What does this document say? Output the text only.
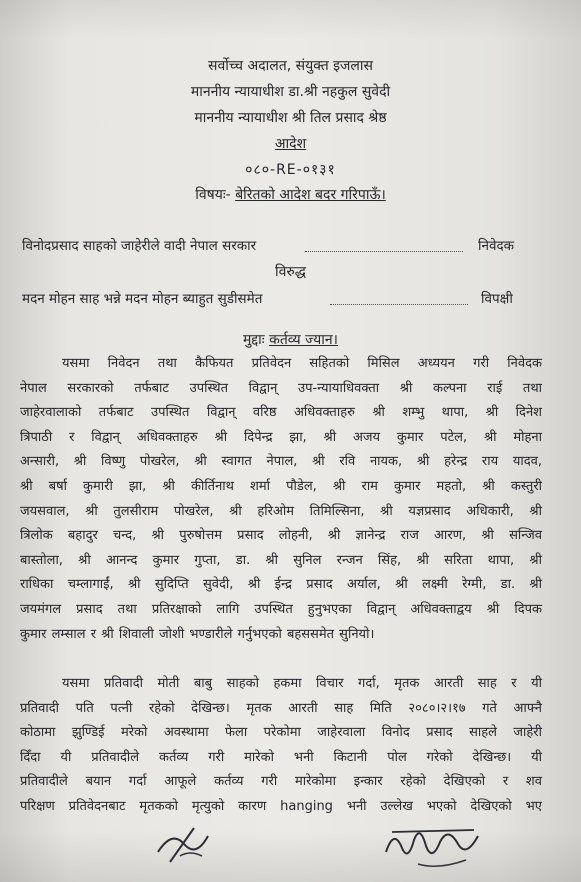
सर्वोच्च अदालत, संयुक्त इजलास
माननीय न्यायाधीश डा.श्री नहकुल सुवेदी
माननीय न्यायाधीश श्री तिल प्रसाद श्रेष्ठ
आदेश
०८०-RE-०१३१
विषयः- बेरितको आदेश बदर गरिपाऊँ।
विनोदप्रसाद साहको जाहेरीले वादी नेपाल सरकार	निवेदक
विरुद्ध
मदन मोहन साह भन्ने मदन मोहन ब्याहुत सुडीसमेत	विपक्षी
मुद्दाः कर्तव्य ज्यान।
यसमा निवेदन तथा कैफियत प्रतिवेदन सहितको मिसिल अध्ययन गरी निवेदक
नेपाल सरकारको तर्फबाट उपस्थित विद्वान् उप-न्यायाधिवक्ता श्री कल्पना राई तथा
जाहेरवालाको तर्फबाट उपस्थित विद्वान् वरिष्ठ अधिवक्ताहरु श्री शम्भु थापा, श्री दिनेश
त्रिपाठी र विद्वान् अधिवक्ताहरु श्री दिपेन्द्र झा, श्री अजय कुमार पटेल, श्री मोहना
अन्सारी, श्री विष्णु पोखरेल, श्री स्वागत नेपाल, श्री रवि नायक, श्री हरेन्द्र राय यादव,
श्री बर्षा कुमारी झा, श्री कीर्तिनाथ शर्मा पौडेल, श्री राम कुमार महतो, श्री कस्तुरी
जयसवाल, श्री तुलसीराम पोखरेल, श्री हरिओम तिमिल्सिना, श्री यज्ञप्रसाद अधिकारी, श्री
त्रिलोक बहादुर चन्द, श्री पुरुषोत्तम प्रसाद लोहनी, श्री ज्ञानेन्द्र राज आरण, श्री सन्जिव
बास्तोला, श्री आनन्द कुमार गुप्ता, डा. श्री सुनिल रन्जन सिंह, श्री सरिता थापा, श्री
राधिका चम्लागाईं, श्री सुदिप्ति सुवेदी, श्री ईन्द्र प्रसाद अर्याल, श्री लक्ष्मी रेग्मी, डा. श्री
जयमंगल प्रसाद तथा प्रतिरक्षाको लागि उपस्थित हुनुभएका विद्वान् अधिवक्ताद्वय श्री दिपक
कुमार लम्साल र श्री शिवाली जोशी भण्डारीले गर्नुभएको बहससमेत सुनियो।
यसमा प्रतिवादी मोती बाबु साहको हकमा विचार गर्दा, मृतक आरती साह र यी
प्रतिवादी पति पत्नी रहेको देखिन्छ। मृतक आरती साह मिति २०८०।२।१७ गते आफ्नै
कोठामा झुण्डिई मरेको अवस्थामा फेला परेकोमा जाहेरवाला विनोद प्रसाद साहले जाहेरी
दिँदा यी प्रतिवादीले कर्तव्य गरी मारेको भनी किटानी पोल गरेको देखिन्छ। यी
प्रतिवादीले बयान गर्दा आफूले कर्तव्य गरी मारेकोमा इन्कार रहेको देखिएको र शव
परिक्षण प्रतिवेदनबाट मृतकको मृत्युको कारण hanging भनी उल्लेख भएको देखिएको भए
